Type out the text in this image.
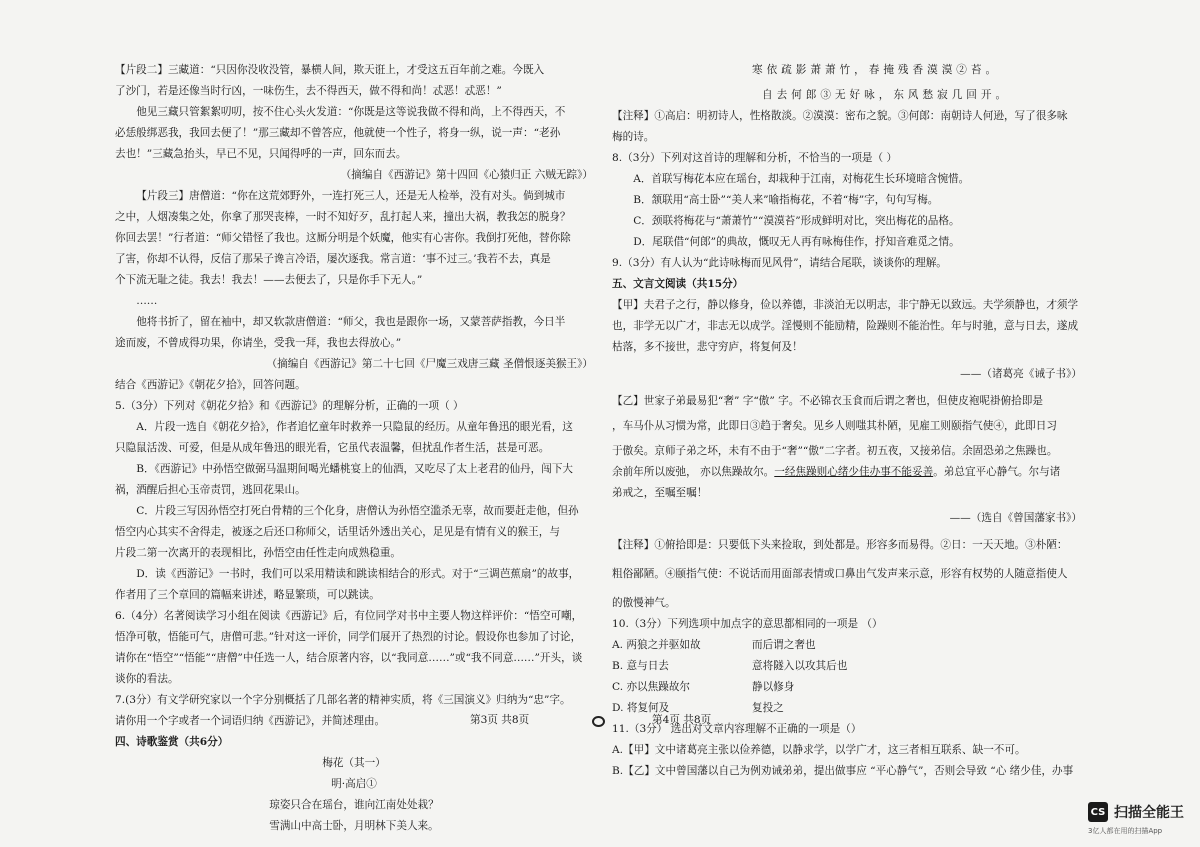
【片段二】三藏道：“只因你没收没管，暴横人间，欺天诳上，才受这五百年前之难。今既入

了沙门，若是还像当时行凶，一味伤生，去不得西天，做不得和尚！忒恶！忒恶！”

他见三藏只管絮絮叨叨，按不住心头火发道：“你既是这等说我做不得和尚，上不得西天，不

必恁般绑恶我，我回去便了！”那三藏却不曾答应，他就使一个性子，将身一纵，说一声：“老孙

去也！”三藏急抬头，早已不见，只闻得呼的一声，回东而去。

（摘编自《西游记》第十四回《心猿归正 六贼无踪》）

【片段三】唐僧道：“你在这荒郊野外，一连打死三人，还是无人检举，没有对头。倘到城市

之中，人烟凑集之处，你拿了那哭丧棒，一时不知好歹，乱打起人来，撞出大祸，教我怎的脱身？

你回去罢！”行者道：“师父错怪了我也。这厮分明是个妖魔，他实有心害你。我倒打死他，替你除

了害，你却不认得，反信了那呆子谗言冷语，屡次逐我。常言道：‘事不过三。’我若不去，真是

个下流无耻之徒。我去！我去！——去便去了，只是你手下无人。”

……

他将书折了，留在袖中，却又软款唐僧道：“师父，我也是跟你一场，又蒙菩萨指教，今日半

途而废，不曾成得功果，你请坐，受我一拜，我也去得放心。”

（摘编自《西游记》第二十七回《尸魔三戏唐三藏 圣僧恨逐美猴王》）

结合《西游记》《朝花夕拾》，回答问题。

5.（3分）下列对《朝花夕拾》和《西游记》的理解分析，正确的一项（ ）

A．片段一选自《朝花夕拾》，作者追忆童年时救养一只隐鼠的经历。从童年鲁迅的眼光看，这

只隐鼠活泼、可爱，但是从成年鲁迅的眼光看，它虽代表温馨，但扰乱作者生活，甚是可恶。

B．《西游记》中孙悟空做弼马温期间喝光蟠桃宴上的仙酒，又吃尽了太上老君的仙丹，闯下大

祸，酒醒后担心玉帝责罚，逃回花果山。

C．片段三写因孙悟空打死白骨精的三个化身，唐僧认为孙悟空滥杀无辜，故而要赶走他，但孙

悟空内心其实不舍得走，被逐之后还口称师父，话里话外透出关心，足见是有情有义的猴王，与

片段二第一次离开的表现相比，孙悟空由任性走向成熟稳重。

D．读《西游记》一书时，我们可以采用精读和跳读相结合的形式。对于“三调芭蕉扇”的故事，

作者用了三个章回的篇幅来讲述，略显繁琐，可以跳读。

6.（4分）名著阅读学习小组在阅读《西游记》后，有位同学对书中主要人物这样评价：“悟空可嘲，

悟净可敬，悟能可气，唐僧可悲。”针对这一评价，同学们展开了热烈的讨论。假设你也参加了讨论，

请你在“悟空”“悟能”“唐僧”中任选一人，结合原著内容，以“我同意……”或“我不同意……”开头，谈

谈你的看法。

7.(3分）有文学研究家以一个字分别概括了几部名著的精神实质，将《三国演义》归纳为“忠”字。

请你用一个字或者一个词语归纳《西游记》，并简述理由。

四、诗歌鉴赏（共6分）

梅花（其一）

明·高启①

琼姿只合在瑶台，谁向江南处处栽？

雪满山中高士卧，月明林下美人来。

寒依疏影萧萧竹，春掩残香漠漠②苔。

自去何郎③无好咏，东风愁寂几回开。

【注释】①高启：明初诗人，性格散淡。②漠漠：密布之貌。③何郎：南朝诗人何逊，写了很多咏

梅的诗。

8.（3分）下列对这首诗的理解和分析，不恰当的一项是（ ）

A．首联写梅花本应在瑶台，却栽种于江南，对梅花生长环境暗含惋惜。

B．颔联用“高士卧”“美人来”喻指梅花，不着“梅”字，句句写梅。

C．颈联将梅花与“萧萧竹”“漠漠苔”形成鲜明对比，突出梅花的品格。

D．尾联借“何郎”的典故，慨叹无人再有咏梅佳作，抒知音难觅之情。

9.（3分）有人认为“此诗咏梅而见风骨”，请结合尾联，谈谈你的理解。

五、文言文阅读（共15分）

【甲】夫君子之行，静以修身，俭以养德，非淡泊无以明志，非宁静无以致远。夫学须静也，才须学

也，非学无以广才，非志无以成学。淫慢则不能励精，险躁则不能治性。年与时驰，意与日去，遂成

枯落，多不接世，悲守穷庐，将复何及！

——（诸葛亮《诫子书》）

【乙】世家子弟最易犯“奢” 字“傲” 字。不必锦衣玉食而后谓之奢也，但使皮袍呢褂俯拾即是

，车马仆从习惯为常，此即日③趋于奢矣。见乡人则嗤其朴陋，见雇工则颐指气使④，此即日习

于傲矣。京师子弟之坏，未有不由于“奢”“傲”二字者。初五夜，又接弟信。余固恐弟之焦躁也。

余前年所以废弛， 亦以焦躁故尔。一经焦躁则心绪少佳办事不能妥善。弟总宜平心静气。尔与诸

弟戒之，至嘱至嘱！

——（选自《曾国藩家书》）

【注释】①俯拾即是：只要低下头来捡取，到处都是。形容多而易得。②日：一天天地。③朴陋：

粗俗鄙陋。④颐指气使：不说话而用面部表情或口鼻出气发声来示意，形容有权势的人随意指使人

的傲慢神气。

10.（3分）下列选项中加点字的意思都相同的一项是 （）

A. 两狼之并驱如故	而后谓之奢也

B. 意与日去	意将隧入以攻其后也

C. 亦以焦躁故尔	静以修身

D. 将复何及	复投之

11.（3分） 选出对文章内容理解不正确的一项是（）

A.【甲】文中诸葛亮主张以俭养德，以静求学，以学广才，这三者相互联系、缺一不可。

B.【乙】文中曾国藩以自己为例劝诫弟弟，提出做事应 “平心静气”，否则会导致 “心 绪少佳，办事

第3页 共8页	第4页 共8页
CS 扫描全能王
3亿人都在用的扫描App
